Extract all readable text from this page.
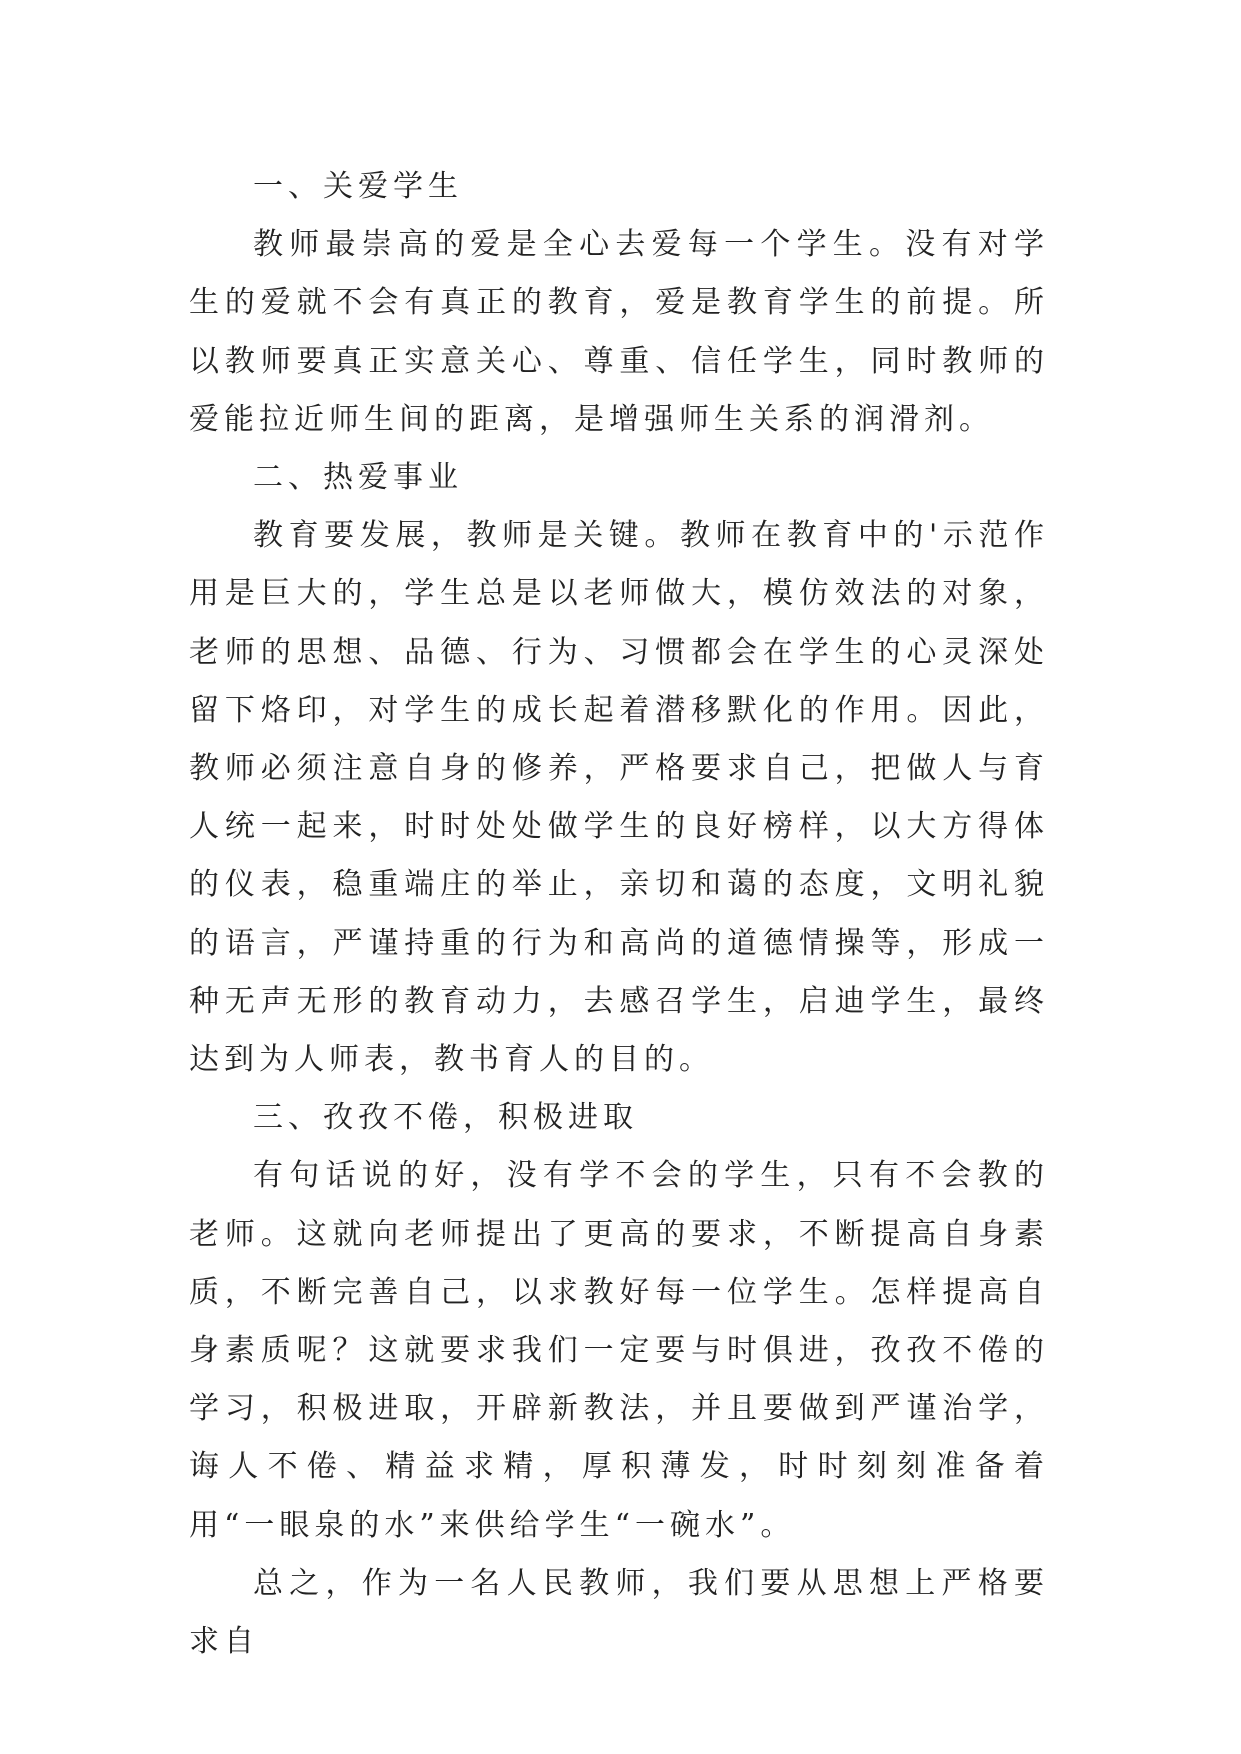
一、关爱学生

教师最崇高的爱是全心去爱每一个学生。没有对学生的爱就不会有真正的教育，爱是教育学生的前提。所以教师要真正实意关心、尊重、信任学生，同时教师的爱能拉近师生间的距离，是增强师生关系的润滑剂。

二、热爱事业

教育要发展，教师是关键。教师在教育中的'示范作用是巨大的，学生总是以老师做大，模仿效法的对象，老师的思想、品德、行为、习惯都会在学生的心灵深处留下烙印，对学生的成长起着潜移默化的作用。因此，教师必须注意自身的修养，严格要求自己，把做人与育人统一起来，时时处处做学生的良好榜样，以大方得体的仪表，稳重端庄的举止，亲切和蔼的态度，文明礼貌的语言，严谨持重的行为和高尚的道德情操等，形成一种无声无形的教育动力，去感召学生，启迪学生，最终达到为人师表，教书育人的目的。

三、孜孜不倦，积极进取

有句话说的好，没有学不会的学生，只有不会教的老师。这就向老师提出了更高的要求，不断提高自身素质，不断完善自己，以求教好每一位学生。怎样提高自身素质呢？这就要求我们一定要与时俱进，孜孜不倦的学习，积极进取，开辟新教法，并且要做到严谨治学，诲人不倦、精益求精，厚积薄发，时时刻刻准备着用“一眼泉的水”来供给学生“一碗水”。

总之，作为一名人民教师，我们要从思想上严格要求自
